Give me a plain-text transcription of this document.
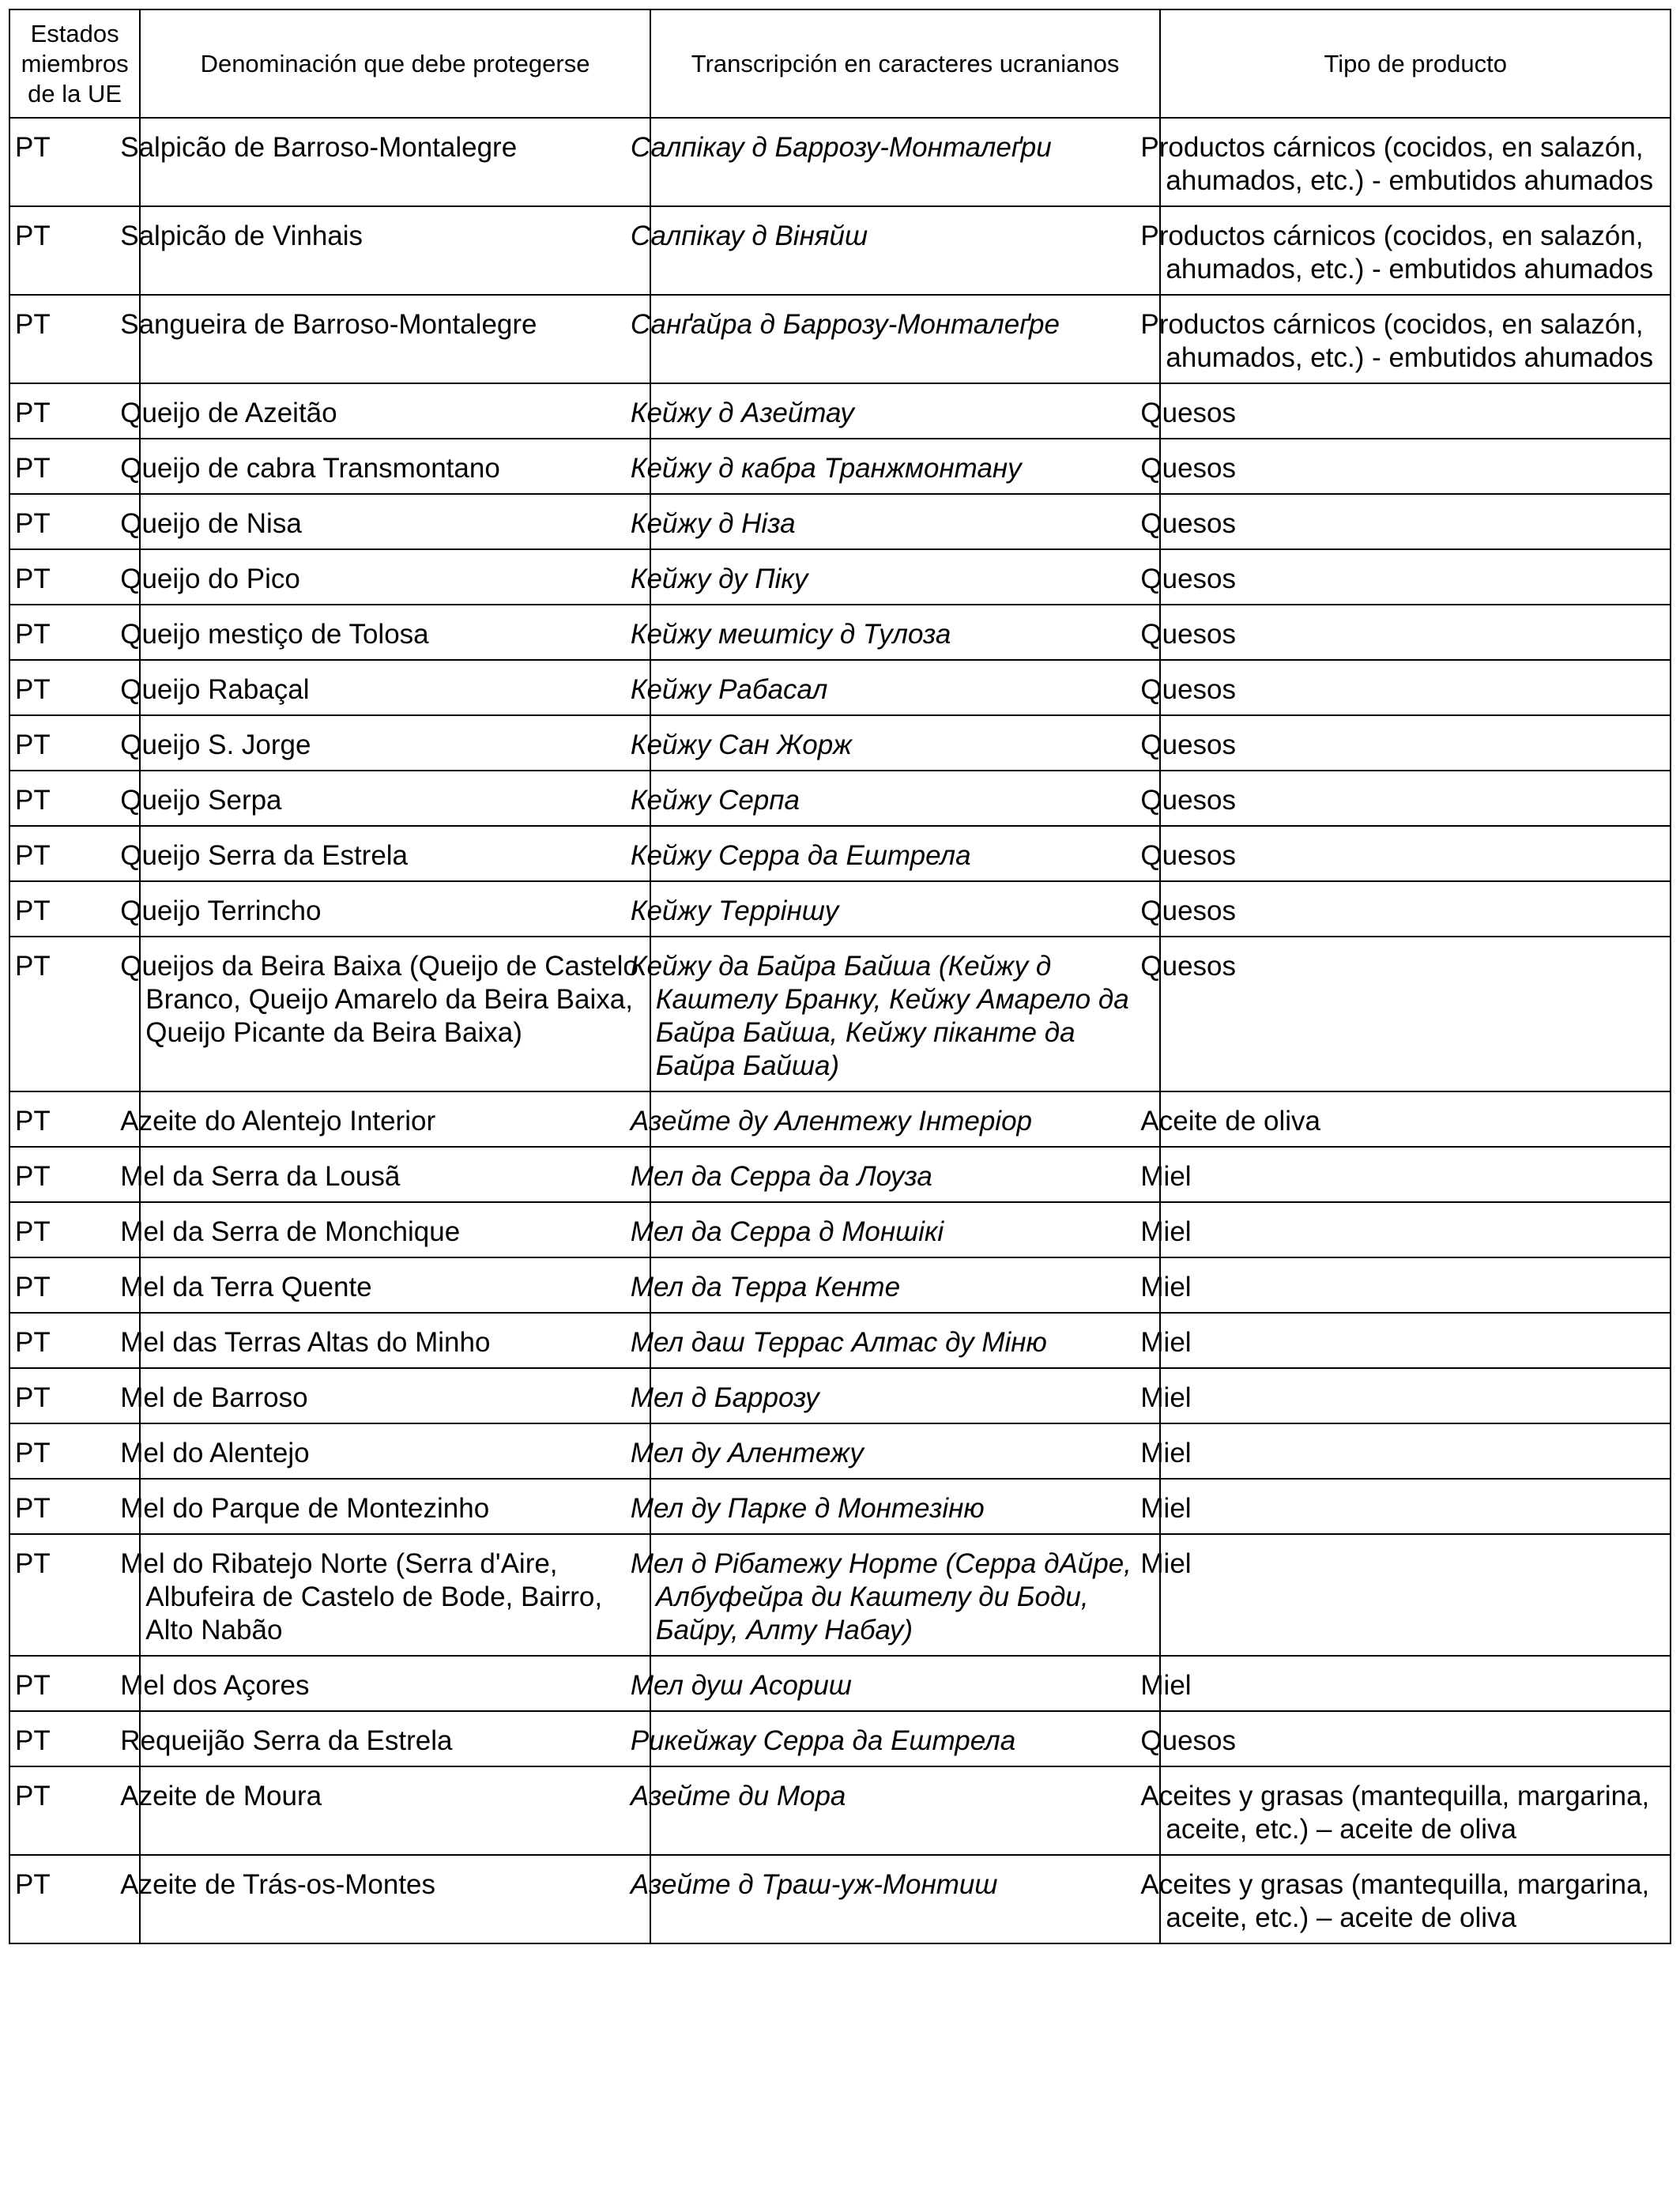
Estados miembros de la UE	Denominación que debe protegerse	Transcripción en caracteres ucranianos	Tipo de producto
PT	Salpicão de Barroso-Montalegre	Салпікау д Баррозу-Монталеґри	Productos cárnicos (cocidos, en salazón, ahumados, etc.) - embutidos ahumados
PT	Salpicão de Vinhais	Салпікау д Віняйш	Productos cárnicos (cocidos, en salazón, ahumados, etc.) - embutidos ahumados
PT	Sangueira de Barroso-Montalegre	Санґайра д Баррозу-Монталеґре	Productos cárnicos (cocidos, en salazón, ahumados, etc.) - embutidos ahumados
PT	Queijo de Azeitão	Кейжу д Азейтау	Quesos
PT	Queijo de cabra Transmontano	Кейжу д кабра Транжмонтану	Quesos
PT	Queijo de Nisa	Кейжу д Ніза	Quesos
PT	Queijo do Pico	Кейжу ду Піку	Quesos
PT	Queijo mestiço de Tolosa	Кейжу мештісу д Тулоза	Quesos
PT	Queijo Rabaçal	Кейжу Рабасал	Quesos
PT	Queijo S. Jorge	Кейжу Сан Жорж	Quesos
PT	Queijo Serpa	Кейжу Серпа	Quesos
PT	Queijo Serra da Estrela	Кейжу Серра да Ештрела	Quesos
PT	Queijo Terrincho	Кейжу Терріншу	Quesos
PT	Queijos da Beira Baixa (Queijo de Castelo Branco, Queijo Amarelo da Beira Baixa, Queijo Picante da Beira Baixa)	Кейжу да Байра Байша (Кейжу д Каштелу Бранку, Кейжу Амарело да Байра Байша, Кейжу піканте да Байра Байша)	Quesos
PT	Azeite do Alentejo Interior	Азейте ду Алентежу Інтеріор	Aceite de oliva
PT	Mel da Serra da Lousã	Мел да Серра да Лоуза	Miel
PT	Mel da Serra de Monchique	Мел да Серра д Моншікі	Miel
PT	Mel da Terra Quente	Мел да Терра Кенте	Miel
PT	Mel das Terras Altas do Minho	Мел даш Террас Алтас ду Міню	Miel
PT	Mel de Barroso	Мел д Баррозу	Miel
PT	Mel do Alentejo	Мел ду Алентежу	Miel
PT	Mel do Parque de Montezinho	Мел ду Парке д Монтезіню	Miel
PT	Mel do Ribatejo Norte (Serra d'Aire, Albufeira de Castelo de Bode, Bairro, Alto Nabão	Мел д Рібатежу Норте (Серра дАйре, Албуфейра ди Каштелу ди Боди, Байру, Алту Набау)	Miel
PT	Mel dos Açores	Мел душ Асориш	Miel
PT	Requeijão Serra da Estrela	Рикейжау Серра да Ештрела	Quesos
PT	Azeite de Moura	Азейте ди Мора	Aceites y grasas (mantequilla, margarina, aceite, etc.) – aceite de oliva
PT	Azeite de Trás-os-Montes	Азейте д Траш-уж-Монтиш	Aceites y grasas (mantequilla, margarina, aceite, etc.) – aceite de oliva
